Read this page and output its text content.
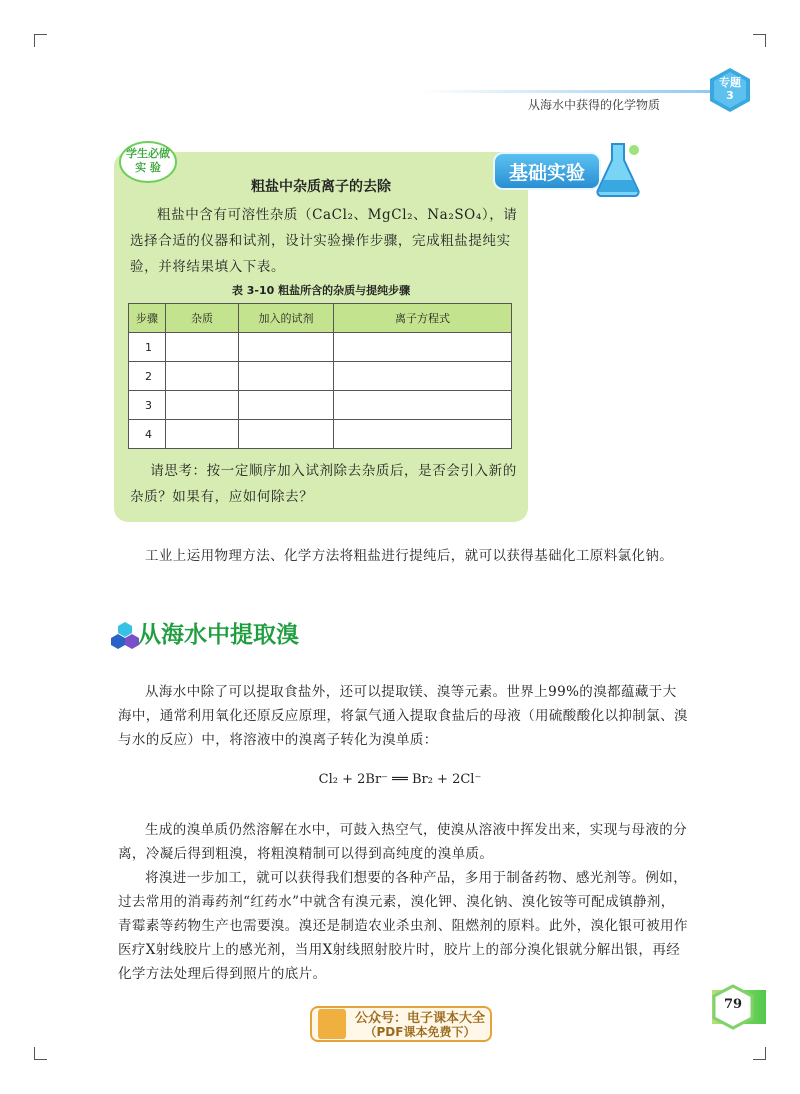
从海水中获得的化学物质
专题
3
学生必做
实 验	基础实验
粗盐中杂质离子的去除
粗盐中含有可溶性杂质（CaCl₂、MgCl₂、Na₂SO₄），请选择合适的仪器和试剂，设计实验操作步骤，完成粗盐提纯实验，并将结果填入下表。
表 3-10 粗盐所含的杂质与提纯步骤
步骤	杂质	加入的试剂	离子方程式
1			
2			
3			
4			
请思考：按一定顺序加入试剂除去杂质后，是否会引入新的杂质？如果有，应如何除去？
工业上运用物理方法、化学方法将粗盐进行提纯后，就可以获得基础化工原料氯化钠。
从海水中提取溴
从海水中除了可以提取食盐外，还可以提取镁、溴等元素。世界上99%的溴都蕴藏于大海中，通常利用氧化还原反应原理，将氯气通入提取食盐后的母液（用硫酸酸化以抑制氯、溴与水的反应）中，将溶液中的溴离子转化为溴单质：
Cl₂ + 2Br⁻ ══ Br₂ + 2Cl⁻
生成的溴单质仍然溶解在水中，可鼓入热空气，使溴从溶液中挥发出来，实现与母液的分离，冷凝后得到粗溴，将粗溴精制可以得到高纯度的溴单质。
将溴进一步加工，就可以获得我们想要的各种产品，多用于制备药物、感光剂等。例如，过去常用的消毒药剂“红药水”中就含有溴元素，溴化钾、溴化钠、溴化铵等可配成镇静剂，青霉素等药物生产也需要溴。溴还是制造农业杀虫剂、阻燃剂的原料。此外，溴化银可被用作医疗X射线胶片上的感光剂，当用X射线照射胶片时，胶片上的部分溴化银就分解出银，再经化学方法处理后得到照片的底片。
79
公众号：电子课本大全
（PDF课本免费下）
